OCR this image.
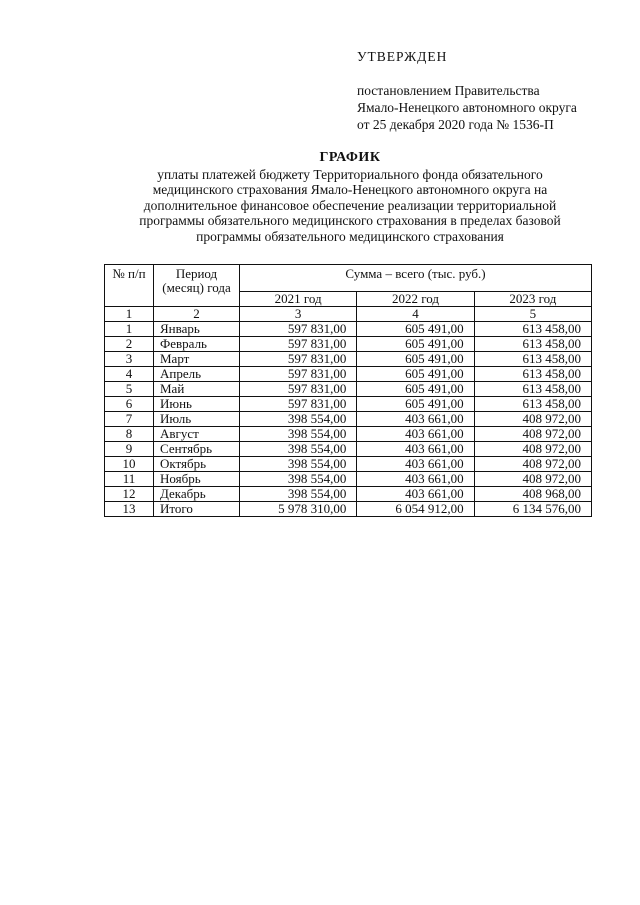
УТВЕРЖДЕН
постановлением Правительства
Ямало-Ненецкого автономного округа
от 25 декабря 2020 года № 1536-П
ГРАФИК
уплаты платежей бюджету Территориального фонда обязательного
медицинского страхования Ямало-Ненецкого автономного округа на
дополнительное финансовое обеспечение реализации территориальной
программы обязательного медицинского страхования в пределах базовой
программы обязательного медицинского страхования
№ п/п	Период (месяц) года	Сумма – всего (тыс. руб.)		
		2021 год	2022 год	2023 год
1	2	3	4	5
1	Январь	597 831,00	605 491,00	613 458,00
2	Февраль	597 831,00	605 491,00	613 458,00
3	Март	597 831,00	605 491,00	613 458,00
4	Апрель	597 831,00	605 491,00	613 458,00
5	Май	597 831,00	605 491,00	613 458,00
6	Июнь	597 831,00	605 491,00	613 458,00
7	Июль	398 554,00	403 661,00	408 972,00
8	Август	398 554,00	403 661,00	408 972,00
9	Сентябрь	398 554,00	403 661,00	408 972,00
10	Октябрь	398 554,00	403 661,00	408 972,00
11	Ноябрь	398 554,00	403 661,00	408 972,00
12	Декабрь	398 554,00	403 661,00	408 968,00
13	Итого	5 978 310,00	6 054 912,00	6 134 576,00
